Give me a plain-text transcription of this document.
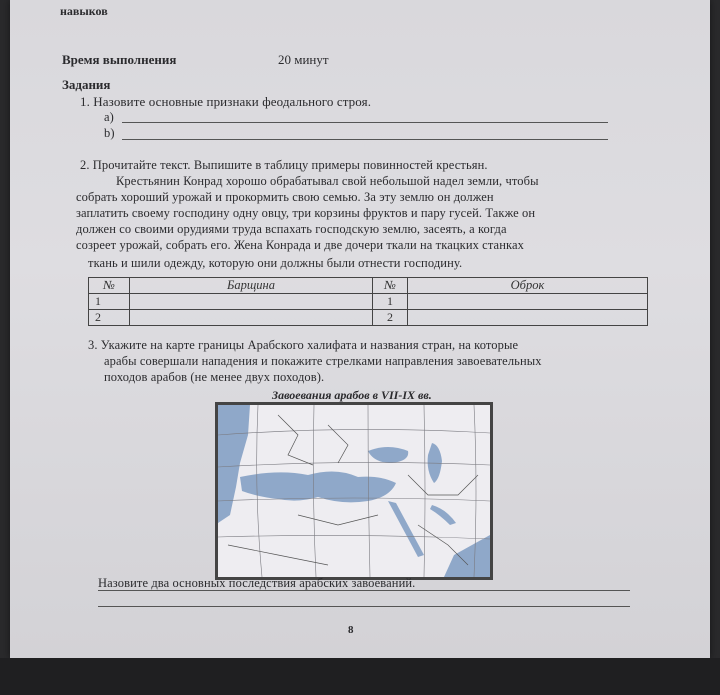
навыков
Время выполнения	20 минут
Задания
1. Назовите основные признаки феодального строя.
a)
b)
2. Прочитайте текст. Выпишите в таблицу примеры повинностей крестьян.
Крестьянин Конрад хорошо обрабатывал свой небольшой надел земли, чтобы
собрать хороший урожай и прокормить свою семью. За эту землю он должен
заплатить своему господину одну овцу, три корзины фруктов и пару гусей. Также он
должен со своими орудиями труда вспахать господскую землю, засеять, а когда
созреет урожай, собрать его. Жена Конрада и две дочери ткали на ткацких станках
ткань и шили одежду, которую они должны были отнести господину.
№	Барщина	№	Оброк
1		1	
2		2	
3. Укажите на карте границы Арабского халифата и названия стран, на которые
арабы совершали нападения и покажите стрелками направления завоевательных
походов арабов (не менее двух походов).
Завоевания арабов в VII-IX вв.
Назовите два основных последствия арабских завоеваний.
8
